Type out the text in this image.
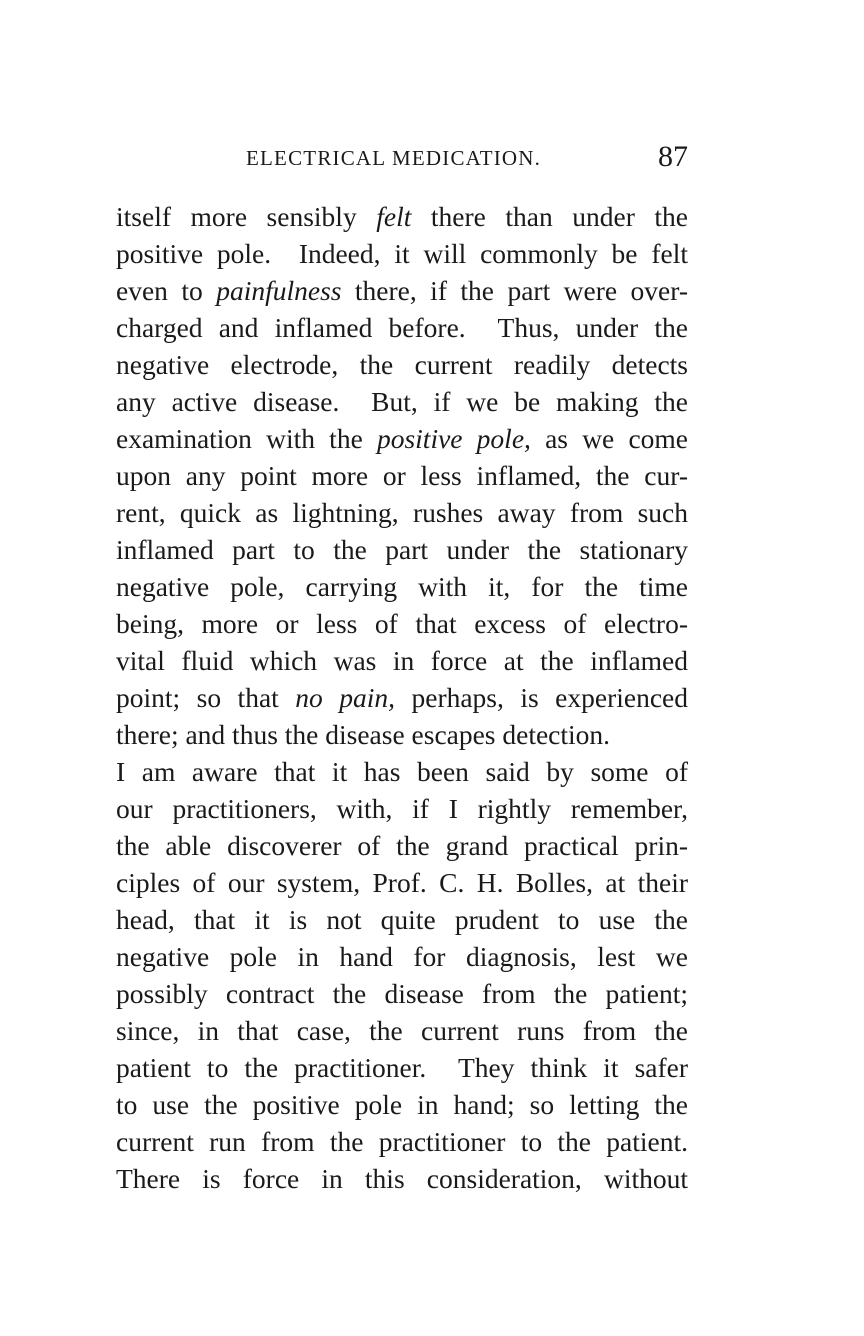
ELECTRICAL MEDICATION.	87
itself more sensibly felt there than under the
positive pole.  Indeed, it will commonly be felt
even to painfulness there, if the part were over-
charged and inflamed before.  Thus, under the
negative electrode, the current readily detects
any active disease.  But, if we be making the
examination with the positive pole, as we come
upon any point more or less inflamed, the cur-
rent, quick as lightning, rushes away from such
inflamed part to the part under the stationary
negative pole, carrying with it, for the time
being, more or less of that excess of electro-
vital fluid which was in force at the inflamed
point; so that no pain, perhaps, is experienced
there; and thus the disease escapes detection.
I am aware that it has been said by some of
our practitioners, with, if I rightly remember,
the able discoverer of the grand practical prin-
ciples of our system, Prof. C. H. Bolles, at their
head, that it is not quite prudent to use the
negative pole in hand for diagnosis, lest we
possibly contract the disease from the patient;
since, in that case, the current runs from the
patient to the practitioner.  They think it safer
to use the positive pole in hand; so letting the
current run from the practitioner to the patient.
There is force in this consideration, without
